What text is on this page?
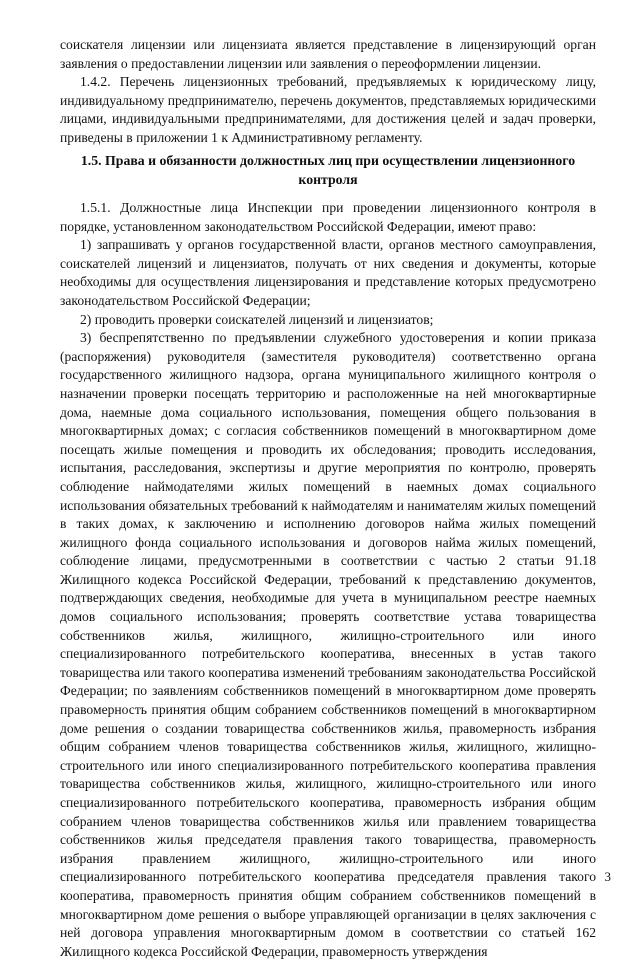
соискателя лицензии или лицензиата является представление в лицензирующий орган заявления о предоставлении лицензии или заявления о переоформлении лицензии.

1.4.2. Перечень лицензионных требований, предъявляемых к юридическому лицу, индивидуальному предпринимателю, перечень документов, представляемых юридическими лицами, индивидуальными предпринимателями, для достижения целей и задач проверки, приведены в приложении 1 к Административному регламенту.

1.5. Права и обязанности должностных лиц при осуществлении лицензионного контроля

1.5.1. Должностные лица Инспекции при проведении лицензионного контроля в порядке, установленном законодательством Российской Федерации, имеют право:

1) запрашивать у органов государственной власти, органов местного самоуправления, соискателей лицензий и лицензиатов, получать от них сведения и документы, которые необходимы для осуществления лицензирования и представление которых предусмотрено законодательством Российской Федерации;

2) проводить проверки соискателей лицензий и лицензиатов;

3) беспрепятственно по предъявлении служебного удостоверения и копии приказа (распоряжения) руководителя (заместителя руководителя) соответственно органа государственного жилищного надзора, органа муниципального жилищного контроля о назначении проверки посещать территорию и расположенные на ней многоквартирные дома, наемные дома социального использования, помещения общего пользования в многоквартирных домах; с согласия собственников помещений в многоквартирном доме посещать жилые помещения и проводить их обследования; проводить исследования, испытания, расследования, экспертизы и другие мероприятия по контролю, проверять соблюдение наймодателями жилых помещений в наемных домах социального использования обязательных требований к наймодателям и нанимателям жилых помещений в таких домах, к заключению и исполнению договоров найма жилых помещений жилищного фонда социального использования и договоров найма жилых помещений, соблюдение лицами, предусмотренными в соответствии с частью 2 статьи 91.18 Жилищного кодекса Российской Федерации, требований к представлению документов, подтверждающих сведения, необходимые для учета в муниципальном реестре наемных домов социального использования; проверять соответствие устава товарищества собственников жилья, жилищного, жилищно-строительного или иного специализированного потребительского кооператива, внесенных в устав такого товарищества или такого кооператива изменений требованиям законодательства Российской Федерации; по заявлениям собственников помещений в многоквартирном доме проверять правомерность принятия общим собранием собственников помещений в многоквартирном доме решения о создании товарищества собственников жилья, правомерность избрания общим собранием членов товарищества собственников жилья, жилищного, жилищно-строительного или иного специализированного потребительского кооператива правления товарищества собственников жилья, жилищного, жилищно-строительного или иного специализированного потребительского кооператива, правомерность избрания общим собранием членов товарищества собственников жилья или правлением товарищества собственников жилья председателя правления такого товарищества, правомерность избрания правлением жилищного, жилищно-строительного или иного специализированного потребительского кооператива председателя правления такого кооператива, правомерность принятия общим собранием собственников помещений в многоквартирном доме решения о выборе управляющей организации в целях заключения с ней договора управления многоквартирным домом в соответствии со статьей 162 Жилищного кодекса Российской Федерации, правомерность утверждения

3
